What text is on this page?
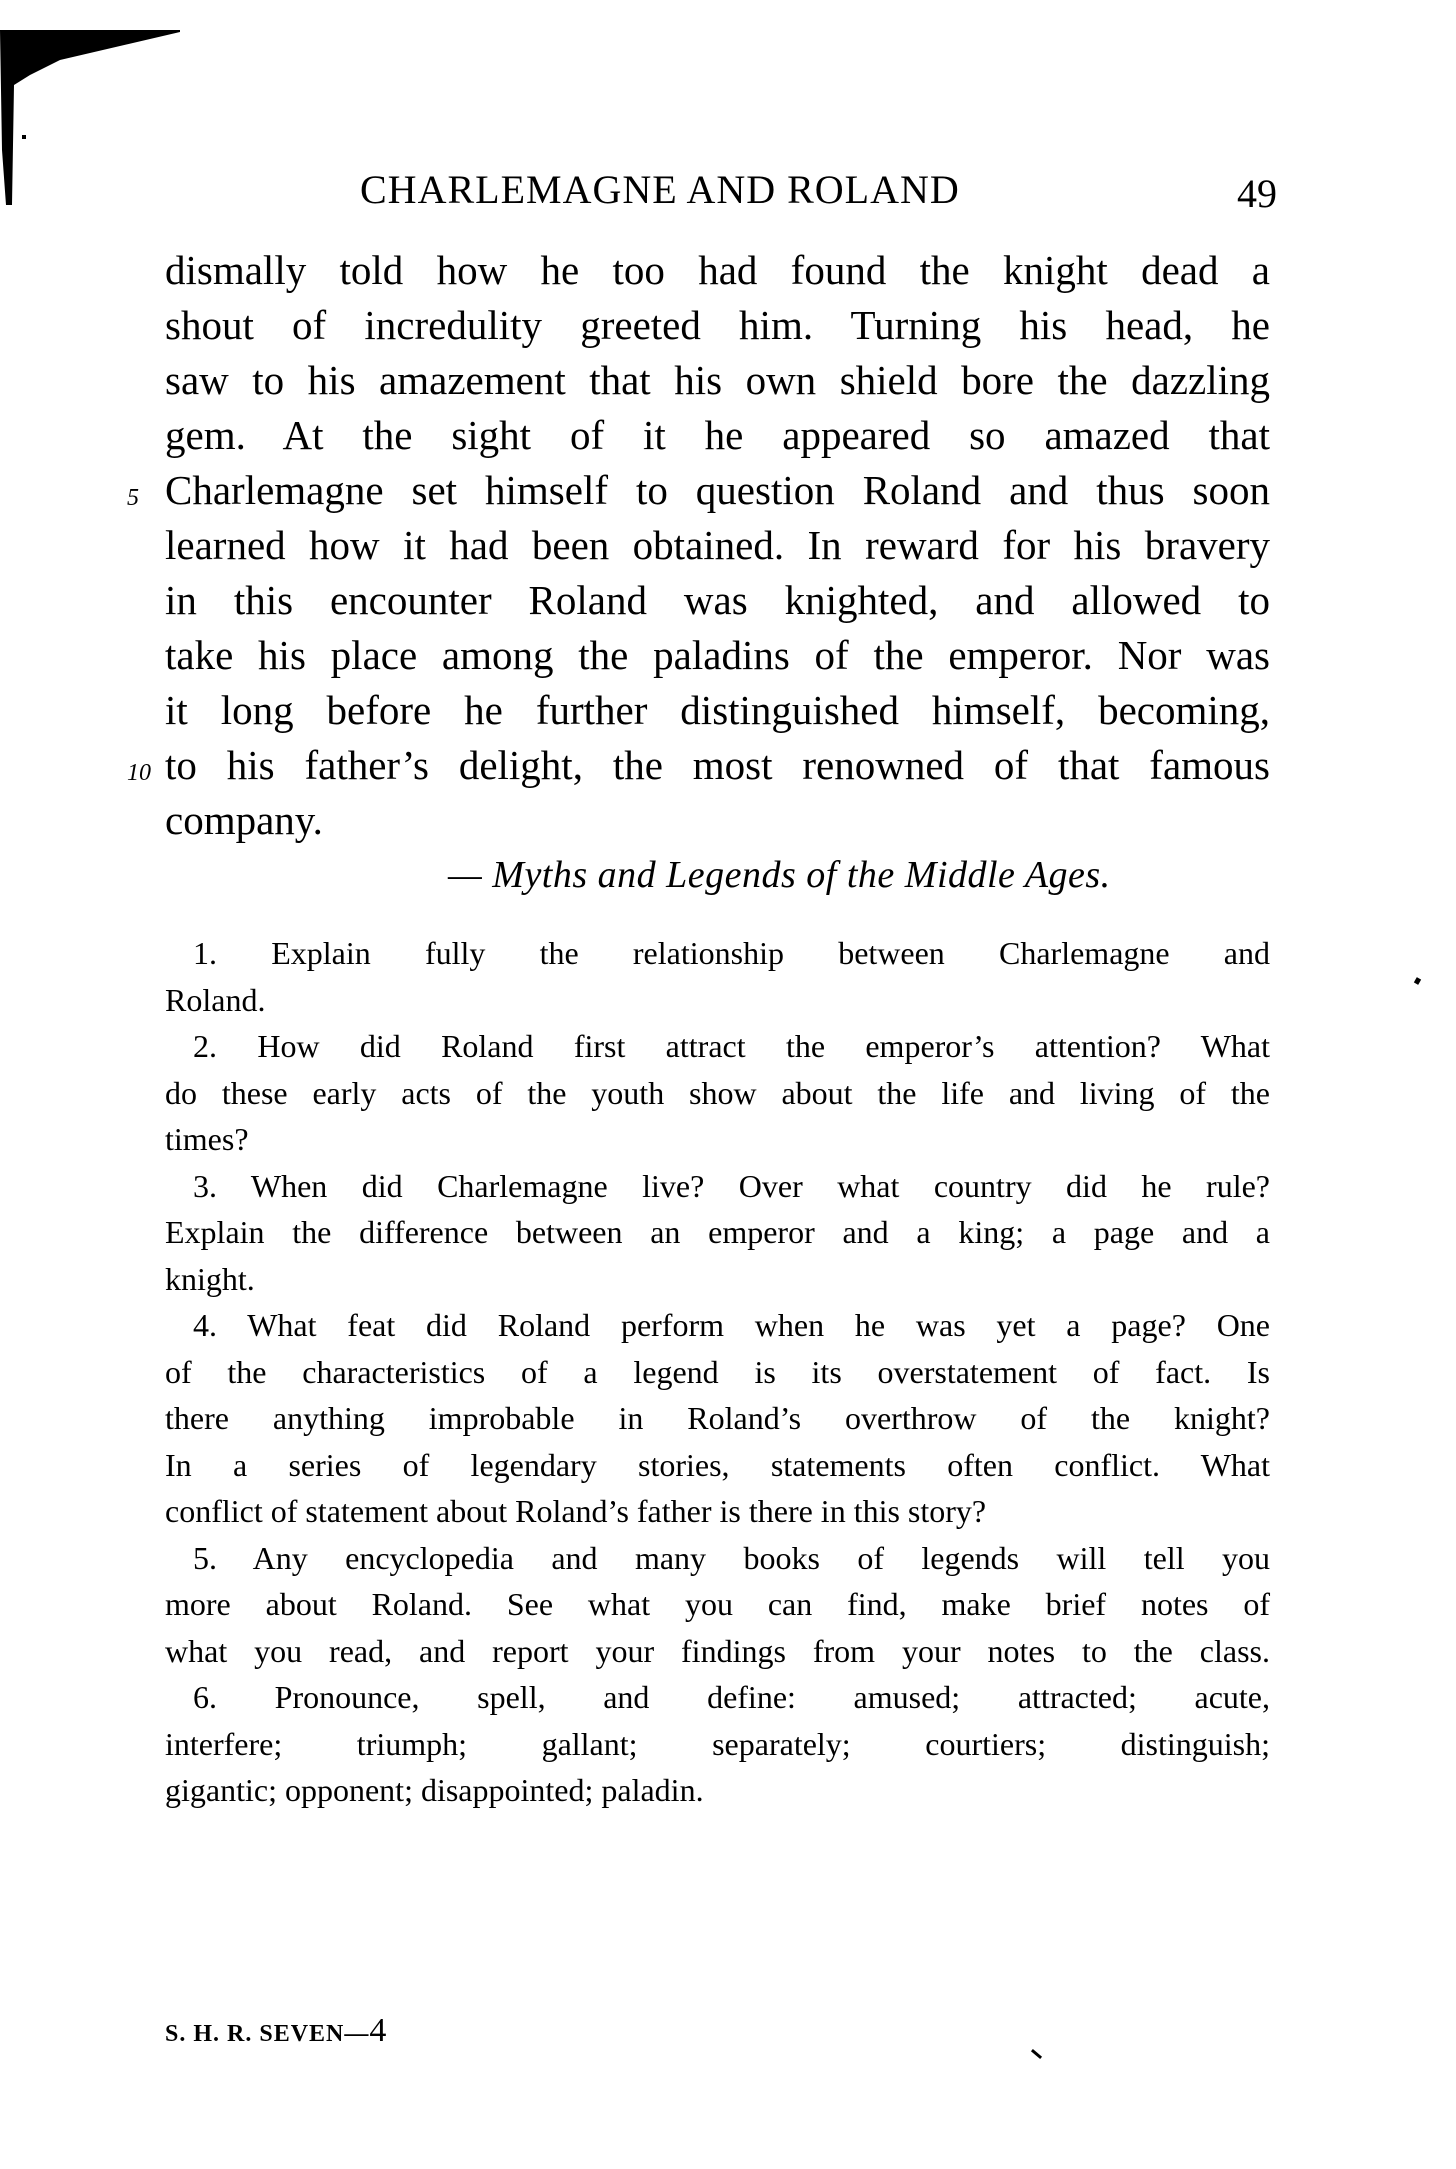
CHARLEMAGNE AND ROLAND	49
dismally told how he too had found the knight dead a
shout of incredulity greeted him. Turning his head, he
saw to his amazement that his own shield bore the dazzling
gem. At the sight of it he appeared so amazed that
5 Charlemagne set himself to question Roland and thus soon
learned how it had been obtained. In reward for his bravery
in this encounter Roland was knighted, and allowed to
take his place among the paladins of the emperor. Nor was
it long before he further distinguished himself, becoming,
10 to his father’s delight, the most renowned of that famous
company.
— Myths and Legends of the Middle Ages.
1. Explain fully the relationship between Charlemagne and
Roland.
2. How did Roland first attract the emperor’s attention? What
do these early acts of the youth show about the life and living of the
times?
3. When did Charlemagne live? Over what country did he rule?
Explain the difference between an emperor and a king; a page and a
knight.
4. What feat did Roland perform when he was yet a page? One
of the characteristics of a legend is its overstatement of fact. Is
there anything improbable in Roland’s overthrow of the knight?
In a series of legendary stories, statements often conflict. What
conflict of statement about Roland’s father is there in this story?
5. Any encyclopedia and many books of legends will tell you
more about Roland. See what you can find, make brief notes of
what you read, and report your findings from your notes to the class.
6. Pronounce, spell, and define: amused; attracted; acute,
interfere; triumph; gallant; separately; courtiers; distinguish;
gigantic; opponent; disappointed; paladin.
S. H. R. SEVEN—4
